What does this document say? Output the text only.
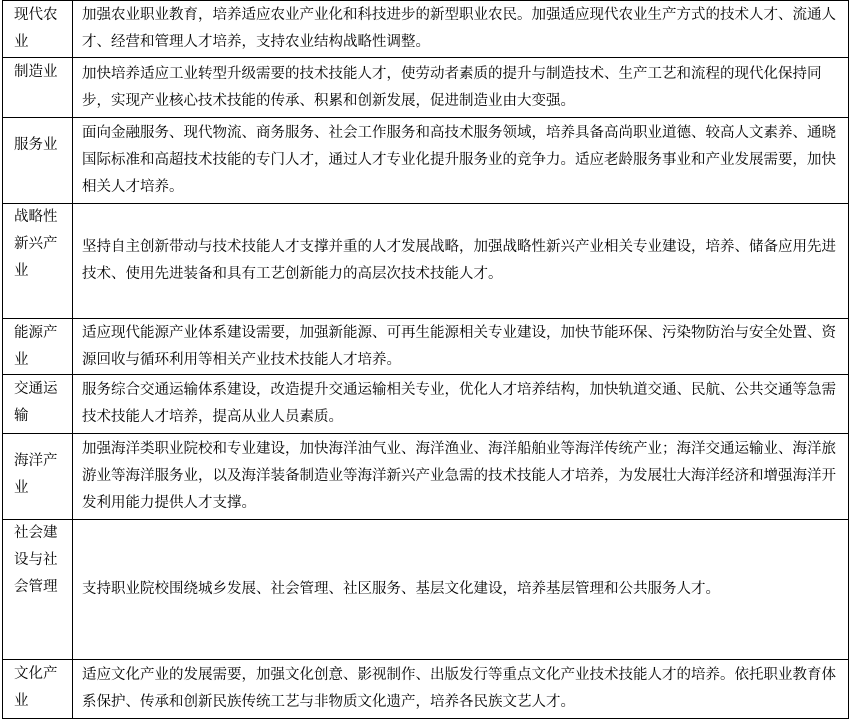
现代农业	加强农业职业教育，培养适应农业产业化和科技进步的新型职业农民。加强适应现代农业生产方式的技术人才、流通人才、经营和管理人才培养，支持农业结构战略性调整。
制造业	加快培养适应工业转型升级需要的技术技能人才，使劳动者素质的提升与制造技术、生产工艺和流程的现代化保持同步，实现产业核心技术技能的传承、积累和创新发展，促进制造业由大变强。
服务业	面向金融服务、现代物流、商务服务、社会工作服务和高技术服务领域，培养具备高尚职业道德、较高人文素养、通晓国际标准和高超技术技能的专门人才，通过人才专业化提升服务业的竞争力。适应老龄服务事业和产业发展需要，加快相关人才培养。
战略性新兴产业	坚持自主创新带动与技术技能人才支撑并重的人才发展战略，加强战略性新兴产业相关专业建设，培养、储备应用先进技术、使用先进装备和具有工艺创新能力的高层次技术技能人才。
能源产业	适应现代能源产业体系建设需要，加强新能源、可再生能源相关专业建设，加快节能环保、污染物防治与安全处置、资源回收与循环利用等相关产业技术技能人才培养。
交通运输	服务综合交通运输体系建设，改造提升交通运输相关专业，优化人才培养结构，加快轨道交通、民航、公共交通等急需技术技能人才培养，提高从业人员素质。
海洋产业	加强海洋类职业院校和专业建设，加快海洋油气业、海洋渔业、海洋船舶业等海洋传统产业；海洋交通运输业、海洋旅游业等海洋服务业，以及海洋装备制造业等海洋新兴产业急需的技术技能人才培养，为发展壮大海洋经济和增强海洋开发利用能力提供人才支撑。
社会建设与社会管理	支持职业院校围绕城乡发展、社会管理、社区服务、基层文化建设，培养基层管理和公共服务人才。
文化产业	适应文化产业的发展需要，加强文化创意、影视制作、出版发行等重点文化产业技术技能人才的培养。依托职业教育体系保护、传承和创新民族传统工艺与非物质文化遗产，培养各民族文艺人才。
